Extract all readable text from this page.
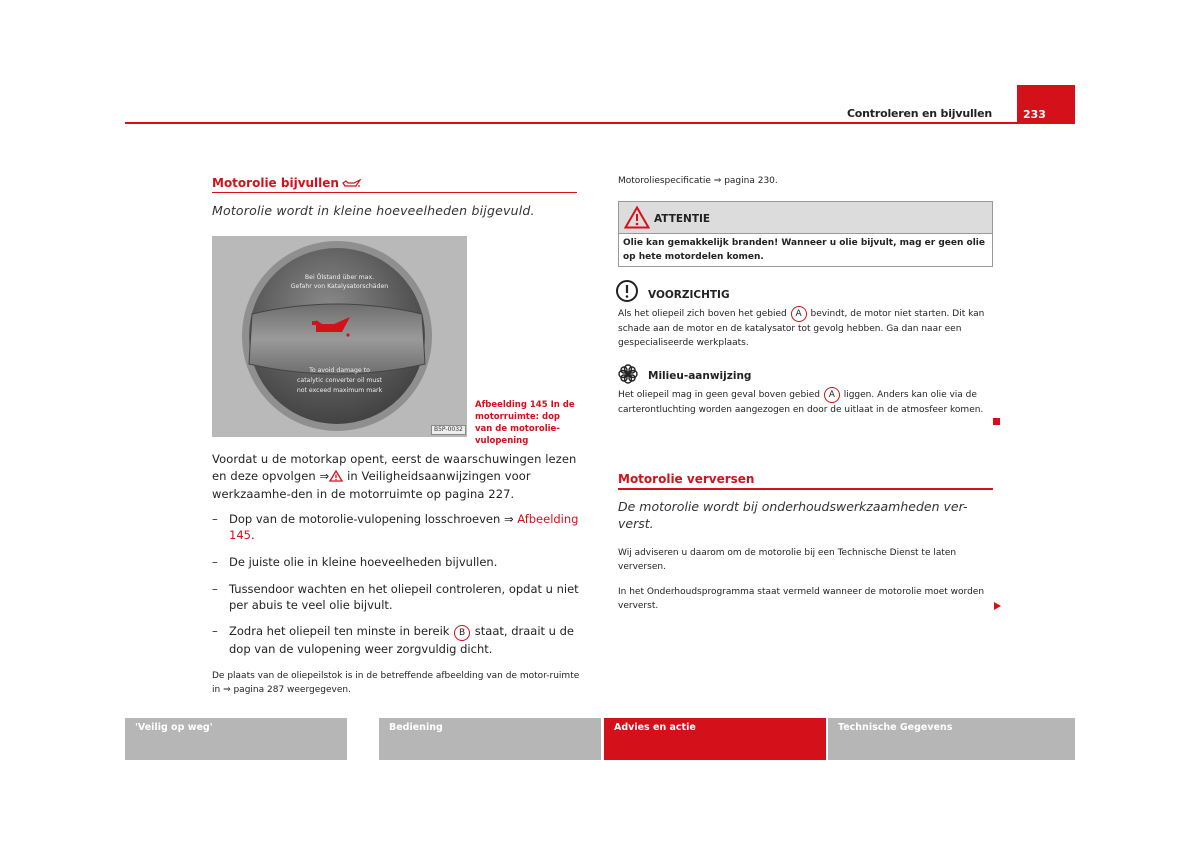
Controleren en bijvullen	233
Motorolie bijvullen
Motorolie wordt in kleine hoeveelheden bijgevuld.
Bei Ölstand über max.
Gefahr von Katalysatorschäden
To avoid damage to
catalytic converter oil must
not exceed maximum mark
B5P-0032
Afbeelding 145 In de motorruimte: dop van de motorolie-vulopening

Voordat u de motorkap opent, eerst de waarschuwingen lezen en deze opvolgen ⇒ in Veiligheidsaanwijzingen voor werkzaamhe-den in de motorruimte op pagina 227.

– Dop van de motorolie-vulopening losschroeven ⇒ Afbeelding 145.
– De juiste olie in kleine hoeveelheden bijvullen.
– Tussendoor wachten en het oliepeil controleren, opdat u niet per abuis te veel olie bijvult.
– Zodra het oliepeil ten minste in bereik B staat, draait u de dop van de vulopening weer zorgvuldig dicht.
De plaats van de oliepeilstok is in de betreffende afbeelding van de motor-ruimte in ⇒ pagina 287 weergegeven.
Motoroliespecificatie ⇒ pagina 230.
ATTENTIE
Olie kan gemakkelijk branden! Wanneer u olie bijvult, mag er geen olie op hete motordelen komen.
VOORZICHTIG
Als het oliepeil zich boven het gebied A bevindt, de motor niet starten. Dit kan schade aan de motor en de katalysator tot gevolg hebben. Ga dan naar een gespecialiseerde werkplaats.
Milieu-aanwijzing
Het oliepeil mag in geen geval boven gebied A liggen. Anders kan olie via de carterontluchting worden aangezogen en door de uitlaat in de atmosfeer komen.
Motorolie verversen
De motorolie wordt bij onderhoudswerkzaamheden ver-verst.
Wij adviseren u daarom om de motorolie bij een Technische Dienst te laten verversen.
In het Onderhoudsprogramma staat vermeld wanneer de motorolie moet worden ververst.
'Veilig op weg'	Bediening	Advies en actie	Technische Gegevens
